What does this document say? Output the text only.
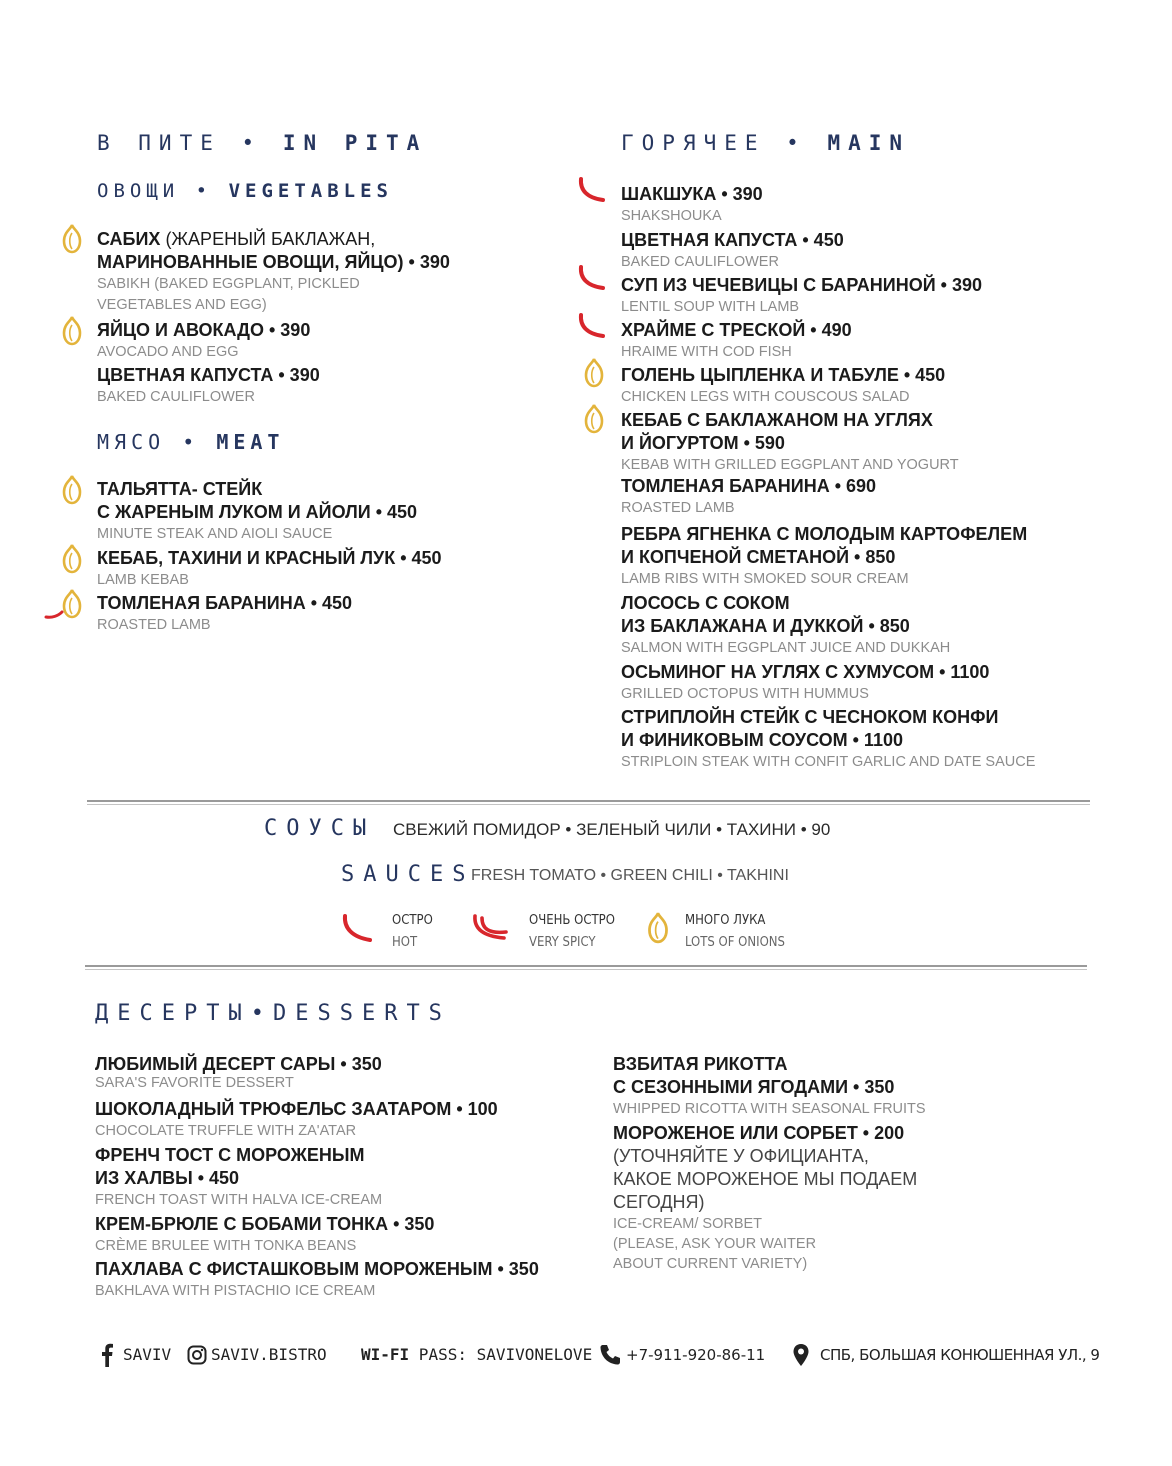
В ПИТЕ • IN PITA
ОВОЩИ • VEGETABLES
САБИХ (ЖАРЕНЫЙ БАКЛАЖАН,
МАРИНОВАННЫЕ ОВОЩИ, ЯЙЦО) • 390
SABIKH (BAKED EGGPLANT, PICKLED
VEGETABLES AND EGG)
ЯЙЦО И АВОКАДО • 390
AVOCADO AND EGG
ЦВЕТНАЯ КАПУСТА • 390
BAKED CAULIFLOWER
МЯСО • MEAT
ТАЛЬЯТТА- СТЕЙК
С ЖАРЕНЫМ ЛУКОМ И АЙОЛИ • 450
MINUTE STEAK AND AIOLI SAUCE
КЕБАБ, ТАХИНИ И КРАСНЫЙ ЛУК • 450
LAMB KEBAB
ТОМЛЕНАЯ БАРАНИНА • 450
ROASTED LAMB
ГОРЯЧЕЕ • MAIN
ШАКШУКА • 390
SHAKSHOUKA
ЦВЕТНАЯ КАПУСТА • 450
BAKED CAULIFLOWER
СУП ИЗ ЧЕЧЕВИЦЫ С БАРАНИНОЙ • 390
LENTIL SOUP WITH LAMB
ХРАЙМЕ С ТРЕСКОЙ • 490
HRAIME WITH COD FISH
ГОЛЕНЬ ЦЫПЛЕНКА И ТАБУЛЕ • 450
CHICKEN LEGS WITH COUSCOUS SALAD
КЕБАБ С БАКЛАЖАНОМ НА УГЛЯХ
И ЙОГУРТОМ • 590
KEBAB WITH GRILLED EGGPLANT AND YOGURT
ТОМЛЕНАЯ БАРАНИНА • 690
ROASTED LAMB
РЕБРА ЯГНЕНКА С МОЛОДЫМ КАРТОФЕЛЕМ
И КОПЧЕНОЙ СМЕТАНОЙ • 850
LAMB RIBS WITH SMOKED SOUR CREAM
ЛОСОСЬ С СОКОМ
ИЗ БАКЛАЖАНА И ДУККОЙ • 850
SALMON WITH EGGPLANT JUICE AND DUKKAH
ОСЬМИНОГ НА УГЛЯХ С ХУМУСОМ • 1100
GRILLED OCTOPUS WITH HUMMUS
СТРИПЛОЙН СТЕЙК С ЧЕСНОКОМ КОНФИ
И ФИНИКОВЫМ СОУСОМ • 1100
STRIPLOIN STEAK WITH CONFIT GARLIC AND DATE SAUCE
СОУСЫ СВЕЖИЙ ПОМИДОР • ЗЕЛЕНЫЙ ЧИЛИ • ТАХИНИ • 90
SAUCES
FRESH TOMATO • GREEN CHILI • TAKHINI
ОСТРО
HOT
ОЧЕНЬ ОСТРО
VERY SPICY
МНОГО ЛУКА
LOTS OF ONIONS
ДЕСЕРТЫ•DESSERTS
ЛЮБИМЫЙ ДЕСЕРТ САРЫ • 350
SARA'S FAVORITE DESSERT
ШОКОЛАДНЫЙ ТРЮФЕЛЬС ЗААТАРОМ • 100
CHOCOLATE TRUFFLE WITH ZA'ATAR
ФРЕНЧ ТОСТ С МОРОЖЕНЫМ
ИЗ ХАЛВЫ • 450
FRENCH TOAST WITH HALVA ICE-CREAM
КРЕМ-БРЮЛЕ С БОБАМИ ТОНКА • 350
CRÈME BRULEE WITH TONKA BEANS
ПАХЛАВА С ФИСТАШКОВЫМ МОРОЖЕНЫМ • 350
BAKHLAVA WITH PISTACHIO ICE CREAM
ВЗБИТАЯ РИКОТТА
С СЕЗОННЫМИ ЯГОДАМИ • 350
WHIPPED RICOTTA WITH SEASONAL FRUITS
МОРОЖЕНОЕ ИЛИ СОРБЕТ • 200
(УТОЧНЯЙТЕ У ОФИЦИАНТА,
КАКОЕ МОРОЖЕНОЕ МЫ ПОДАЕМ
СЕГОДНЯ)
ICE-CREAM/ SORBET
(PLEASE, ASK YOUR WAITER
ABOUT CURRENT VARIETY)
SAVIV SAVIV.BISTRO WI-FI PASS: SAVIVONELOVE +7-911-920-86-11	СПБ, БОЛЬШАЯ КОНЮШЕННАЯ УЛ., 9
